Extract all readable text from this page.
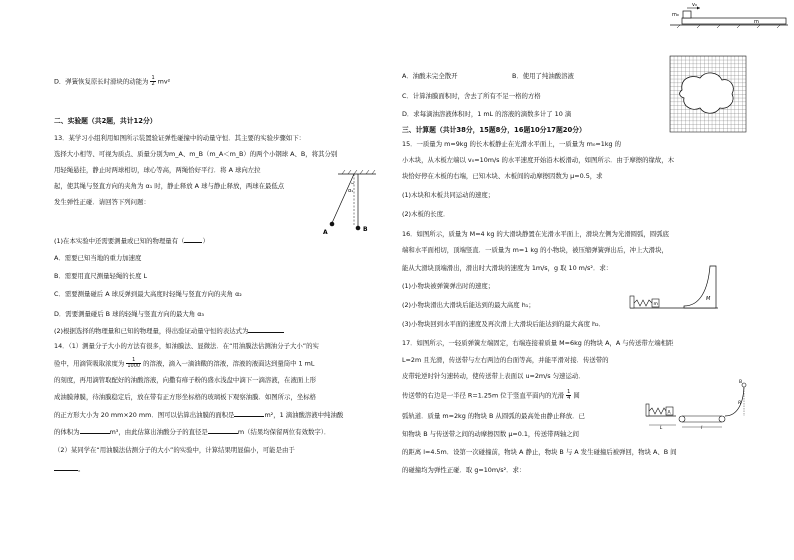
v₀
m₀
m
D．弹簧恢复原长时滑块的动能为 $\frac{1}{2} mv^2$
二、实验题（共2题，共计12分）
13．某学习小组利用如图所示装置验证弹性碰撞中的动量守恒．其主要的实验步骤如下：
选择大小相等、可视为质点、质量分别为m_A、m_B（m_A＜m_B）的两个小钢球 A、B，将其分别
用轻绳悬挂，静止时两球相切，球心等高，两绳恰好平行．将 A 球向左拉
起，使其绳与竖直方向的夹角为 α₁ 时，静止释放 A 球与静止释放，两球在最低点
发生弹性正碰．请回答下列问题：
α₁
A	B
(1)在本实验中还需要测量或已知的物理量有（	）
A．需要已知当地的重力加速度
B．需要用直尺测量轻绳的长度 L
C．需要测量碰后 A 球反弹到最大高度时轻绳与竖直方向的夹角 α₂
D．需要测量碰后 B 球的轻绳与竖直方向的最大角 α₃
(2)根据选择的物理量和已知的物理量，得出验证动量守恒的表达式为
14．（1）测量分子大小的方法有很多，如油膜法、显微法．在“用油膜法估测油分子大小”的实
验中，用滴管吸取浓度为 $\frac{1}{1000}$ 的溶液，滴入一滴油酸的溶液，溶液的液面达到量筒中 1 mL
的刻度，再用滴管取配好的油酸溶液，向撒有痱子粉的盛水浅盘中滴下一滴溶液，在液面上形
成油膜薄膜，待油膜稳定后，放在带有正方形坐标格的玻璃板下观察油膜．如图所示，坐标格
的正方形大小为 20 mm×20 mm．图可以估算出油膜的面积是	m²，1 滴油酸溶液中纯油酸
的体积为	m³，由此估算出油酸分子的直径是	m（结果均保留两位有效数字）．
（2）某同学在“用油膜法估测分子的大小”的实验中，计算结果明显偏小，可能是由于
。
A．油酸未完全散开	B．使用了纯油酸溶液
C．计算油膜面积时，舍去了所有不足一格的方格
D．求每滴油溶液体积时，1 mL 的溶液的滴数多计了 10 滴
三、计算题（共计38分，15题8分，16题10分17题20分）
15．一质量为 m=9kg 的长木板静止在光滑水平面上，一质量为 m₀=1kg 的
小木块，从木板左端以 v₀=10m/s 的水平速度开始沿木板滑动，如图所示．由于摩擦的缘故，木
块恰好停在木板的右端，已知木块、木板间的动摩擦因数为 μ=0.5，求
(1)木块和木板共同运动的速度；
(2)木板的长度．
16．如图所示，质量为 M=4 kg 的大滑块静置在光滑水平面上，滑块左侧为光滑圆弧，圆弧底
端和水平面相切，顶端竖直．一质量为 m=1 kg 的小物块，被压缩弹簧弹出后，冲上大滑块，
能从大滑块顶端滑出，滑出时大滑块的速度为 1m/s，g 取 10 m/s²．求：
(1)小物块被弹簧弹出时的速度；
(2)小物块滑出大滑块后能达到的最大高度 h₁；
(3)小物块回到水平面的速度及再次滑上大滑块后能达到的最大高度 h₂．
m
M
17．如图所示，一轻质弹簧左端固定，右端连接着质量 M=6kg 的物块 A，A 与传送带左端相距
L=2m 且光滑，传送带与左右两边的台面等高，并能平滑对接．传送带的
皮带轮逆时针匀速转动，使传送带上表面以 u=2m/s 匀速运动．
传送带的右边是一半径 R=1.25m 位于竖直平面内的光滑 $\frac{1}{4}$ 圆
弧轨道．质量 m=2kg 的物块 B 从圆弧的最高处由静止释放．已
知物块 B 与传送带之间的动摩擦因数 μ=0.1，传送带两轴之间
的距离 l=4.5m．设第一次碰撞前，物块 A 静止，物块 B 与 A 发生碰撞后被弹回，物块 A、B 间
的碰撞均为弹性正碰．取 g=10m/s²．求：
A
l
L
B
R
